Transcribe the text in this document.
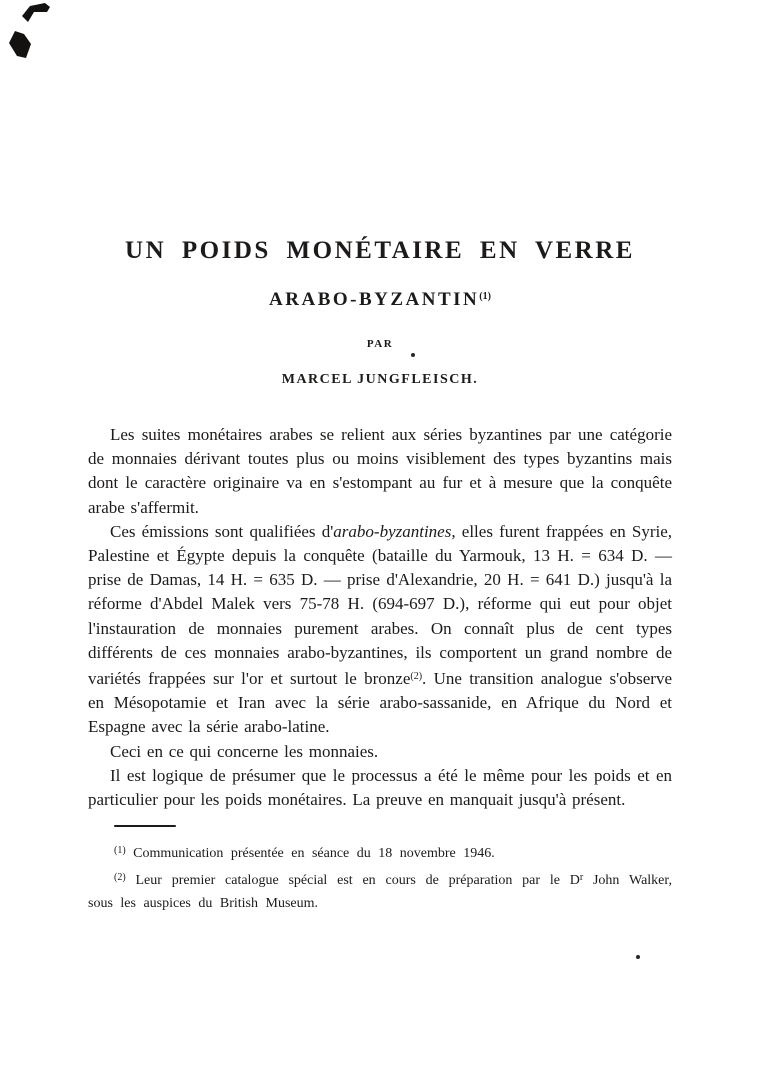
UN POIDS MONÉTAIRE EN VERRE
ARABO-BYZANTIN$^{(1)}$
PAR
MARCEL JUNGFLEISCH.

Les suites monétaires arabes se relient aux séries byzantines par une catégorie de monnaies dérivant toutes plus ou moins visiblement des types byzantins mais dont le caractère originaire va en s'estompant au fur et à mesure que la conquête arabe s'affermit.

Ces émissions sont qualifiées d'arabo-byzantines, elles furent frappées en Syrie, Palestine et Égypte depuis la conquête (bataille du Yarmouk, 13 H. = 634 D. — prise de Damas, 14 H. = 635 D. — prise d'Alexandrie, 20 H. = 641 D.) jusqu'à la réforme d'Abdel Malek vers 75-78 H. (694-697 D.), réforme qui eut pour objet l'instauration de monnaies purement arabes. On connaît plus de cent types différents de ces monnaies arabo-byzantines, ils comportent un grand nombre de variétés frappées sur l'or et surtout le bronze$^{(2)}$. Une transition analogue s'observe en Mésopotamie et Iran avec la série arabo-sassanide, en Afrique du Nord et Espagne avec la série arabo-latine.

Ceci en ce qui concerne les monnaies.

Il est logique de présumer que le processus a été le même pour les poids et en particulier pour les poids monétaires. La preuve en manquait jusqu'à présent.

$^{(1)}$ Communication présentée en séance du 18 novembre 1946.

$^{(2)}$ Leur premier catalogue spécial est en cours de préparation par le $D^r$ John Walker, sous les auspices du British Museum.
